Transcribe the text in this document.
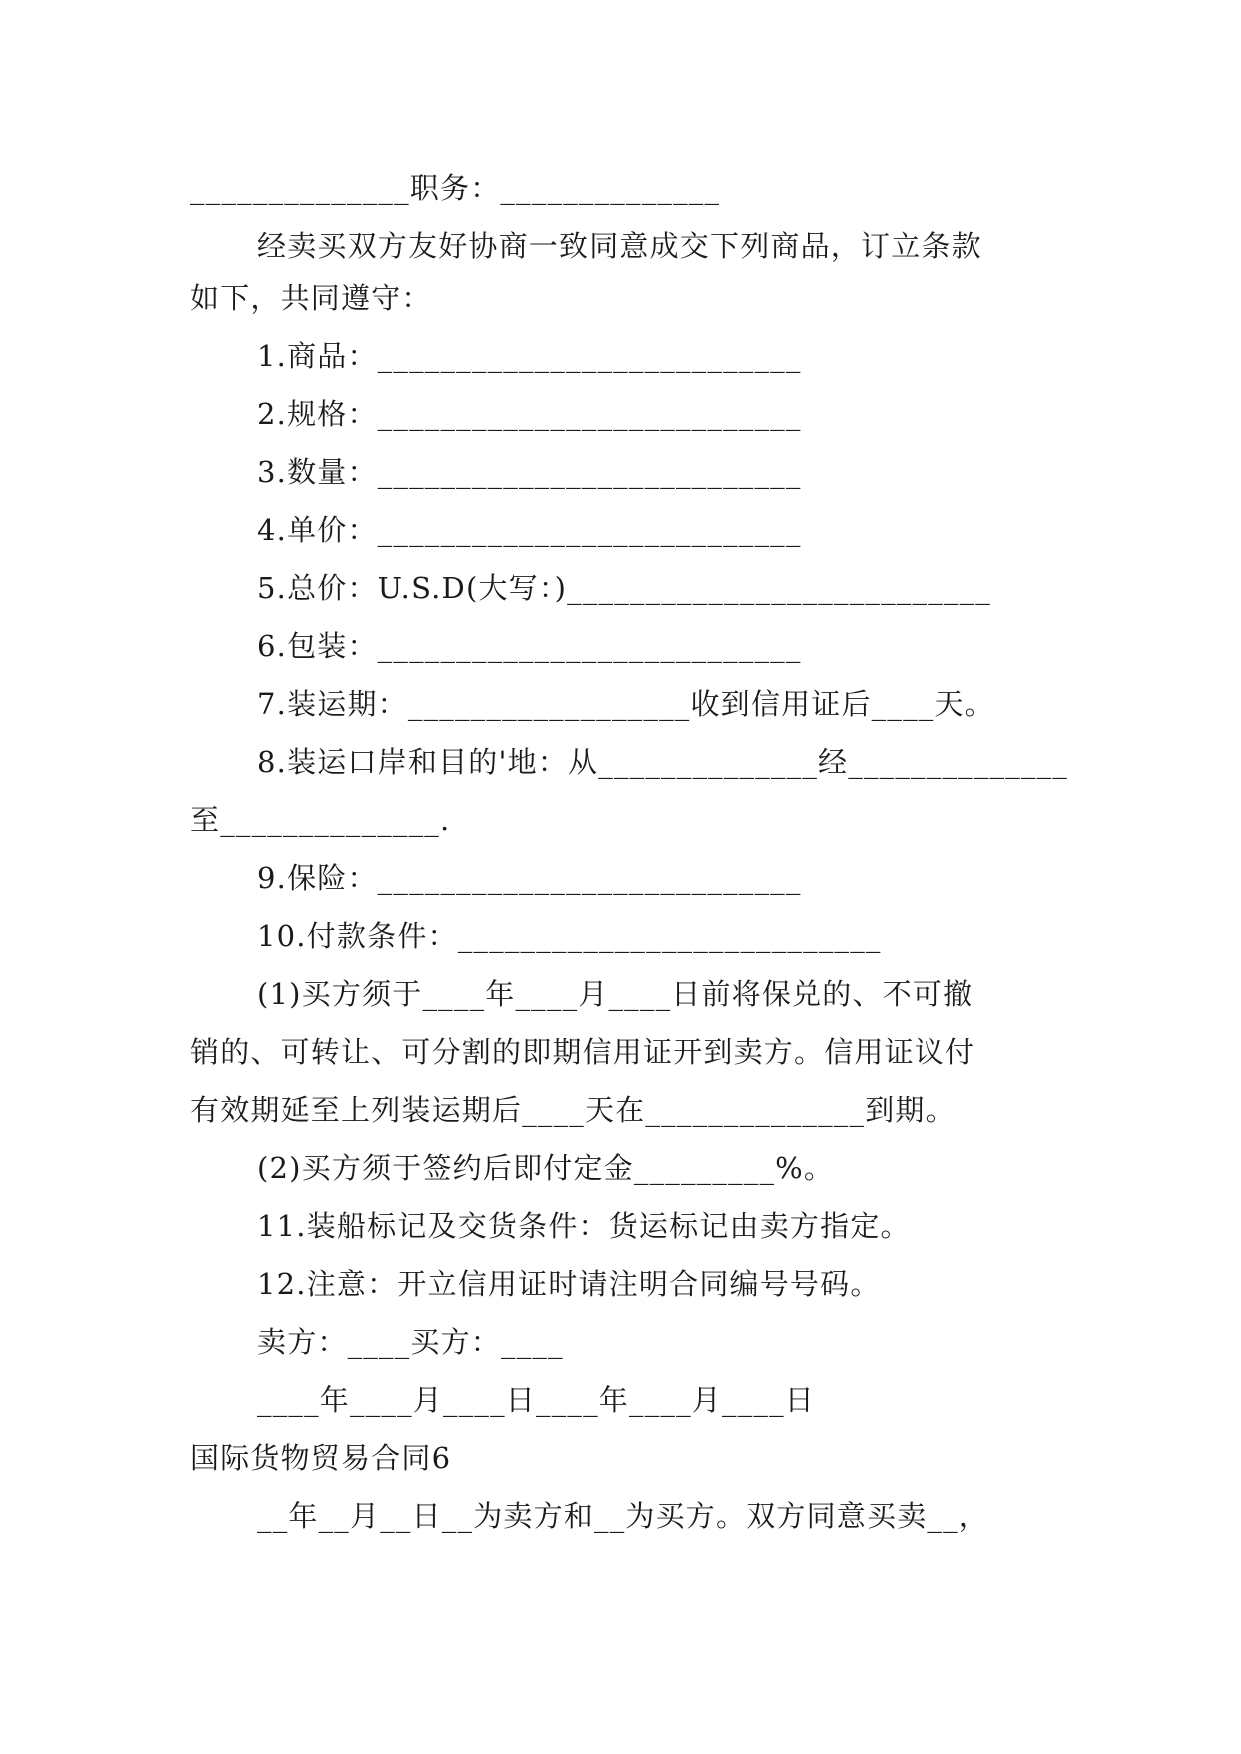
______________职务：______________
经卖买双方友好协商一致同意成交下列商品，订立条款
如下，共同遵守：
1.商品：___________________________
2.规格：___________________________
3.数量：___________________________
4.单价：___________________________
5.总价：U.S.D(大写：)___________________________
6.包装：___________________________
7.装运期：__________________收到信用证后____天。
8.装运口岸和目的'地：从______________经______________
至______________.
9.保险：___________________________
10.付款条件：___________________________
(1)买方须于____年____月____日前将保兑的、不可撤
销的、可转让、可分割的即期信用证开到卖方。信用证议付
有效期延至上列装运期后____天在______________到期。
(2)买方须于签约后即付定金_________%。
11.装船标记及交货条件：货运标记由卖方指定。
12.注意：开立信用证时请注明合同编号号码。
卖方：____买方：____
____年____月____日____年____月____日
国际货物贸易合同6
__年__月__日__为卖方和__为买方。双方同意买卖__，
